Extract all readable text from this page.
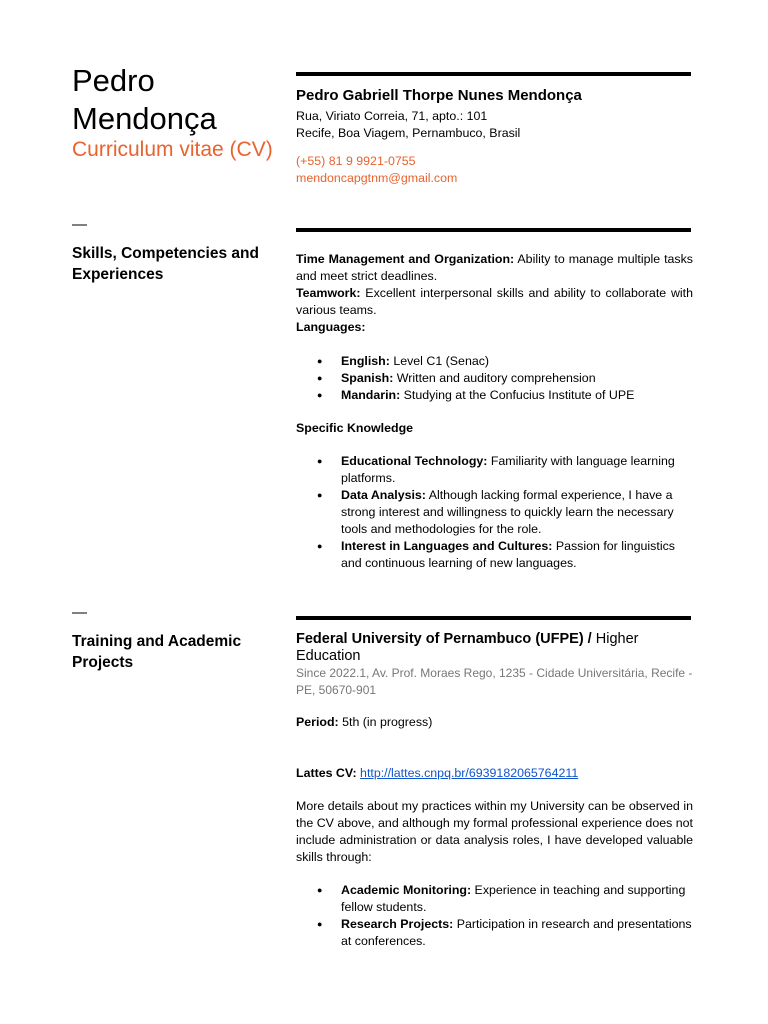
Pedro
Mendonça
Curriculum vitae (CV)
Pedro Gabriell Thorpe Nunes Mendonça
Rua, Viriato Correia, 71, apto.: 101
Recife, Boa Viagem, Pernambuco, Brasil
(+55) 81 9 9921-0755
mendoncapgtnm@gmail.com
—
Skills, Competencies and Experiences
Time Management and Organization: Ability to manage multiple tasks and meet strict deadlines.
Teamwork: Excellent interpersonal skills and ability to collaborate with various teams.
Languages:
● English: Level C1 (Senac)
● Spanish: Written and auditory comprehension
● Mandarin: Studying at the Confucius Institute of UPE
Specific Knowledge
● Educational Technology: Familiarity with language learning platforms.
● Data Analysis: Although lacking formal experience, I have a strong interest and willingness to quickly learn the necessary tools and methodologies for the role.
● Interest in Languages and Cultures: Passion for linguistics and continuous learning of new languages.
—
Training and Academic Projects
Federal University of Pernambuco (UFPE) / Higher Education
Since 2022.1, Av. Prof. Moraes Rego, 1235 - Cidade Universitária, Recife - PE, 50670-901
Period: 5th (in progress)
Lattes CV: http://lattes.cnpq.br/6939182065764211
More details about my practices within my University can be observed in the CV above, and although my formal professional experience does not include administration or data analysis roles, I have developed valuable skills through:
● Academic Monitoring: Experience in teaching and supporting fellow students.
● Research Projects: Participation in research and presentations at conferences.
